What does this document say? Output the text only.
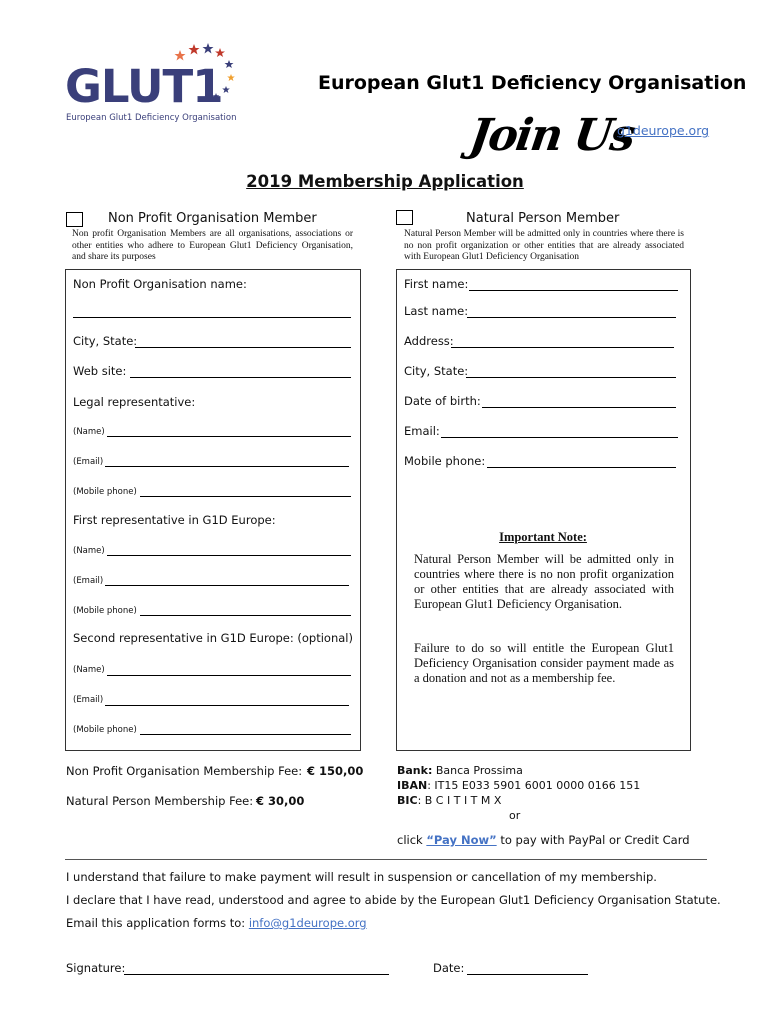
GLUT1
European Glut1 Deficiency Organisation
European Glut1 Deficiency Organisation
Join Us
g1deurope.org
2019 Membership Application
Non Profit Organisation Member
Non profit Organisation Members are all organisations, associations or other entities who adhere to European Glut1 Deficiency Organisation, and share its purposes
Natural Person Member
Natural Person Member will be admitted only in countries where there is no non profit organization or other entities that are already associated with European Glut1 Deficiency Organisation
Non Profit Organisation name:
City, State:
Web site:
Legal representative:
(Name)
(Email)
(Mobile phone)
First representative in G1D Europe:
(Name)
(Email)
(Mobile phone)
Second representative in G1D Europe: (optional)
(Name)
(Email)
(Mobile phone)
First name:
Last name:
Address:
City, State:
Date of birth:
Email:
Mobile phone:
Important Note:
Natural Person Member will be admitted only in countries where there is no non profit organization or other entities that are already associated with European Glut1 Deficiency Organisation.
Failure to do so will entitle the European Glut1 Deficiency Organisation consider payment made as a donation and not as a membership fee.
Non Profit Organisation Membership Fee: € 150,00
Natural Person Membership Fee: € 30,00
Bank: Banca Prossima
IBAN: IT15 E033 5901 6001 0000 0166 151
BIC: B C I T I T M X
or
click “Pay Now” to pay with PayPal or Credit Card
I understand that failure to make payment will result in suspension or cancellation of my membership.
I declare that I have read, understood and agree to abide by the European Glut1 Deficiency Organisation Statute.
Email this application forms to: info@g1deurope.org
Signature:	Date:
